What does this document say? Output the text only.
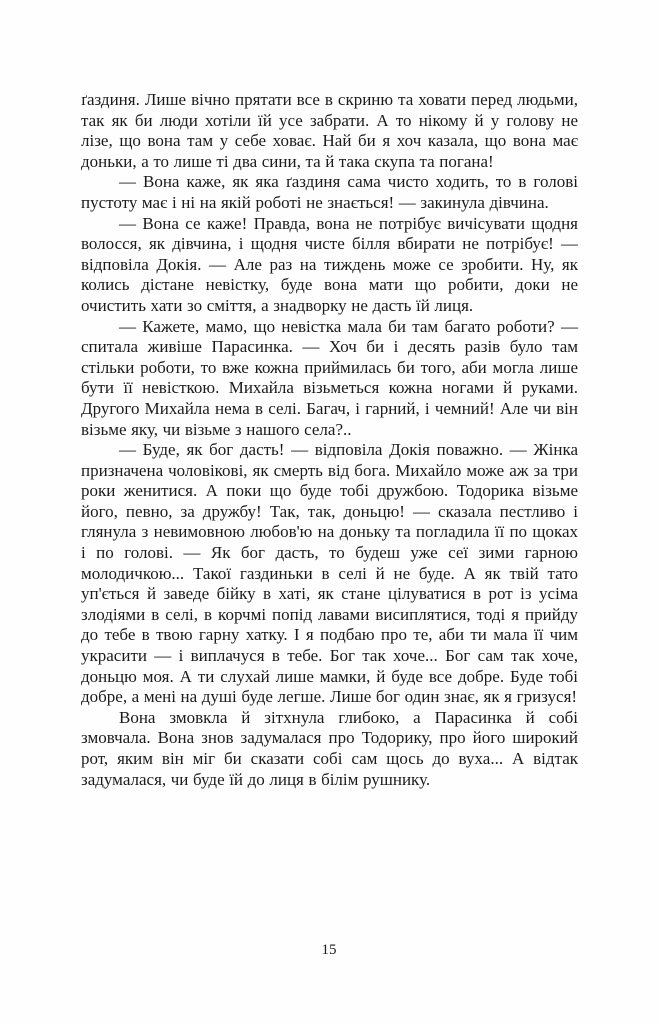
ґаздиня. Лише вічно прятати все в скриню та ховати перед людьми, так як би люди хотіли їй усе забрати. А то нікому й у голову не лізе, що вона там у себе ховає. Най би я хоч казала, що вона має доньки, а то лише ті два сини, та й така скупа та погана!

— Вона каже, як яка ґаздиня сама чисто ходить, то в голові пустоту має і ні на якій роботі не знається! — закинула дівчина.

— Вона се каже! Правда, вона не потрібує вичісувати щодня волосся, як дівчина, і щодня чисте білля вбирати не потрібує! — відповіла Докія. — Але раз на тиждень може се зробити. Ну, як колись дістане невістку, буде вона мати що робити, доки не очистить хати зо сміття, а знадворку не дасть їй лиця.

— Кажете, мамо, що невістка мала би там багато роботи? — спитала живіше Парасинка. — Хоч би і десять разів було там стільки роботи, то вже кожна приймилась би того, аби могла лише бути її невісткою. Михайла візьметься кожна ногами й руками. Другого Михайла нема в селі. Багач, і гарний, і чемний! Але чи він візьме яку, чи візьме з нашого села?..

— Буде, як бог дасть! — відповіла Докія поважно. — Жінка призначена чоловікові, як смерть від бога. Михайло може аж за три роки женитися. А поки що буде тобі дружбою. Тодорика візьме його, певно, за дружбу! Так, так, доньцю! — сказала пестливо і глянула з невимовною любов'ю на доньку та погладила її по щоках і по голові. — Як бог дасть, то будеш уже сеї зими гарною молодичкою... Такої газдиньки в селі й не буде. А як твій тато уп'ється й заведе бійку в хаті, як стане цілуватися в рот із усіма злодіями в селі, в корчмі попід лавами висиплятися, тоді я прийду до тебе в твою гарну хатку. І я подбаю про те, аби ти мала її чим украсити — і виплачуся в тебе. Бог так хоче... Бог сам так хоче, доньцю моя. А ти слухай лише мамки, й буде все добре. Буде тобі добре, а мені на душі буде легше. Лише бог один знає, як я гризуся!

Вона змовкла й зітхнула глибоко, а Парасинка й собі змовчала. Вона знов задумалася про Тодорику, про його широкий рот, яким він міг би сказати собі сам щось до вуха... А відтак задумалася, чи буде їй до лиця в білім рушнику.

15
